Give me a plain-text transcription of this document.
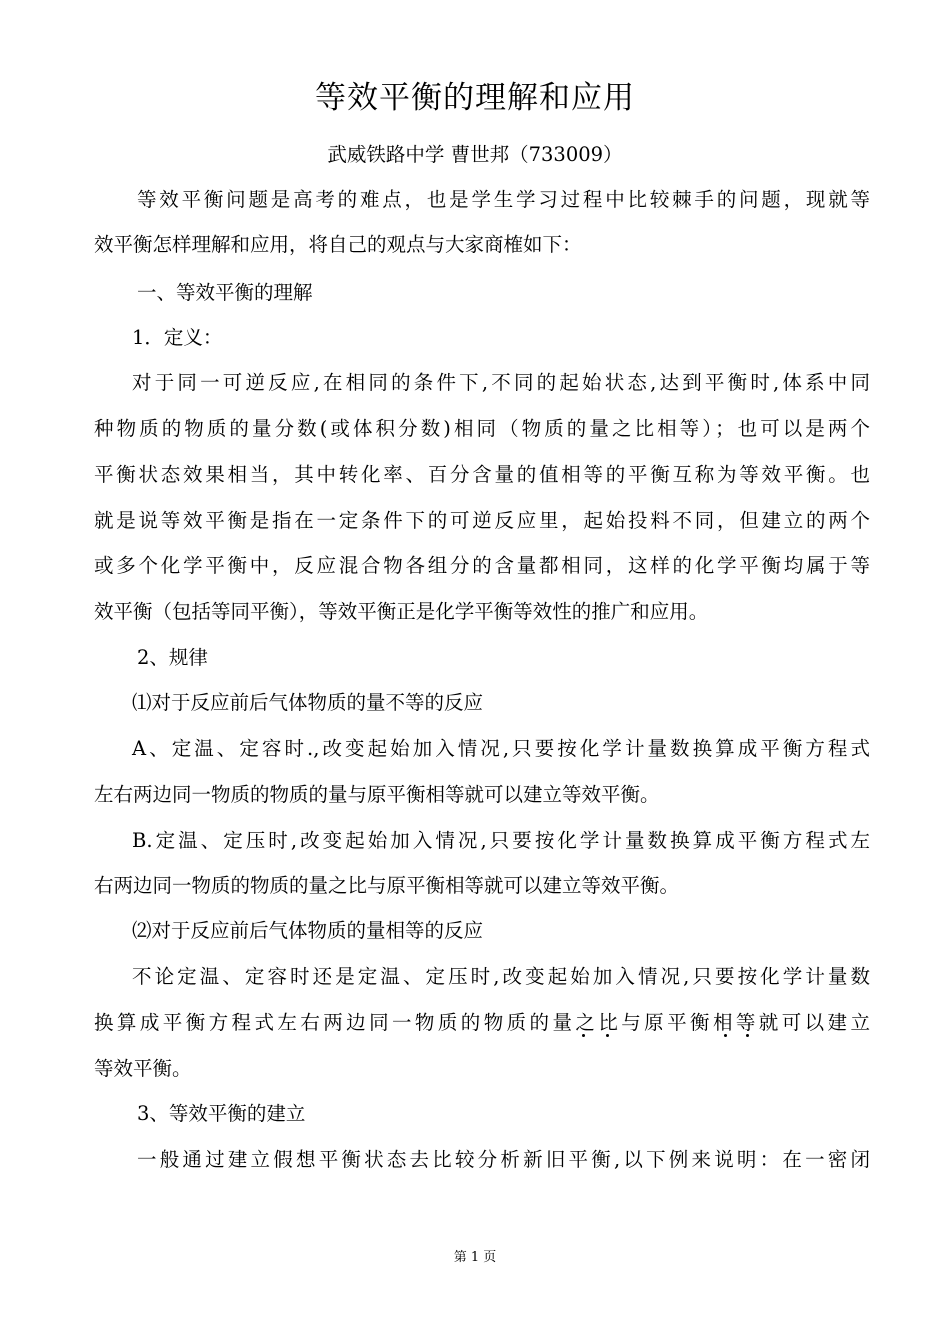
等效平衡的理解和应用
武威铁路中学 曹世邦（733009）
等效平衡问题是高考的难点，也是学生学习过程中比较棘手的问题，现就等
效平衡怎样理解和应用，将自己的观点与大家商榷如下：
一、等效平衡的理解
1．定义：
对于同一可逆反应,在相同的条件下,不同的起始状态,达到平衡时,体系中同
种物质的物质的量分数(或体积分数)相同（物质的量之比相等）；也可以是两个
平衡状态效果相当，其中转化率、百分含量的值相等的平衡互称为等效平衡。也
就是说等效平衡是指在一定条件下的可逆反应里，起始投料不同，但建立的两个
或多个化学平衡中，反应混合物各组分的含量都相同，这样的化学平衡均属于等
效平衡（包括等同平衡），等效平衡正是化学平衡等效性的推广和应用。
2、规律
⑴对于反应前后气体物质的量不等的反应
A、定温、定容时.,改变起始加入情况,只要按化学计量数换算成平衡方程式
左右两边同一物质的物质的量与原平衡相等就可以建立等效平衡。
B.定温、定压时,改变起始加入情况,只要按化学计量数换算成平衡方程式左
右两边同一物质的物质的量之比与原平衡相等就可以建立等效平衡。
⑵对于反应前后气体物质的量相等的反应
不论定温、定容时还是定温、定压时,改变起始加入情况,只要按化学计量数
换算成平衡方程式左右两边同一物质的物质的量之比与原平衡相等就可以建立
等效平衡。
3、等效平衡的建立
一般通过建立假想平衡状态去比较分析新旧平衡,以下例来说明：在一密闭
第 1 页
